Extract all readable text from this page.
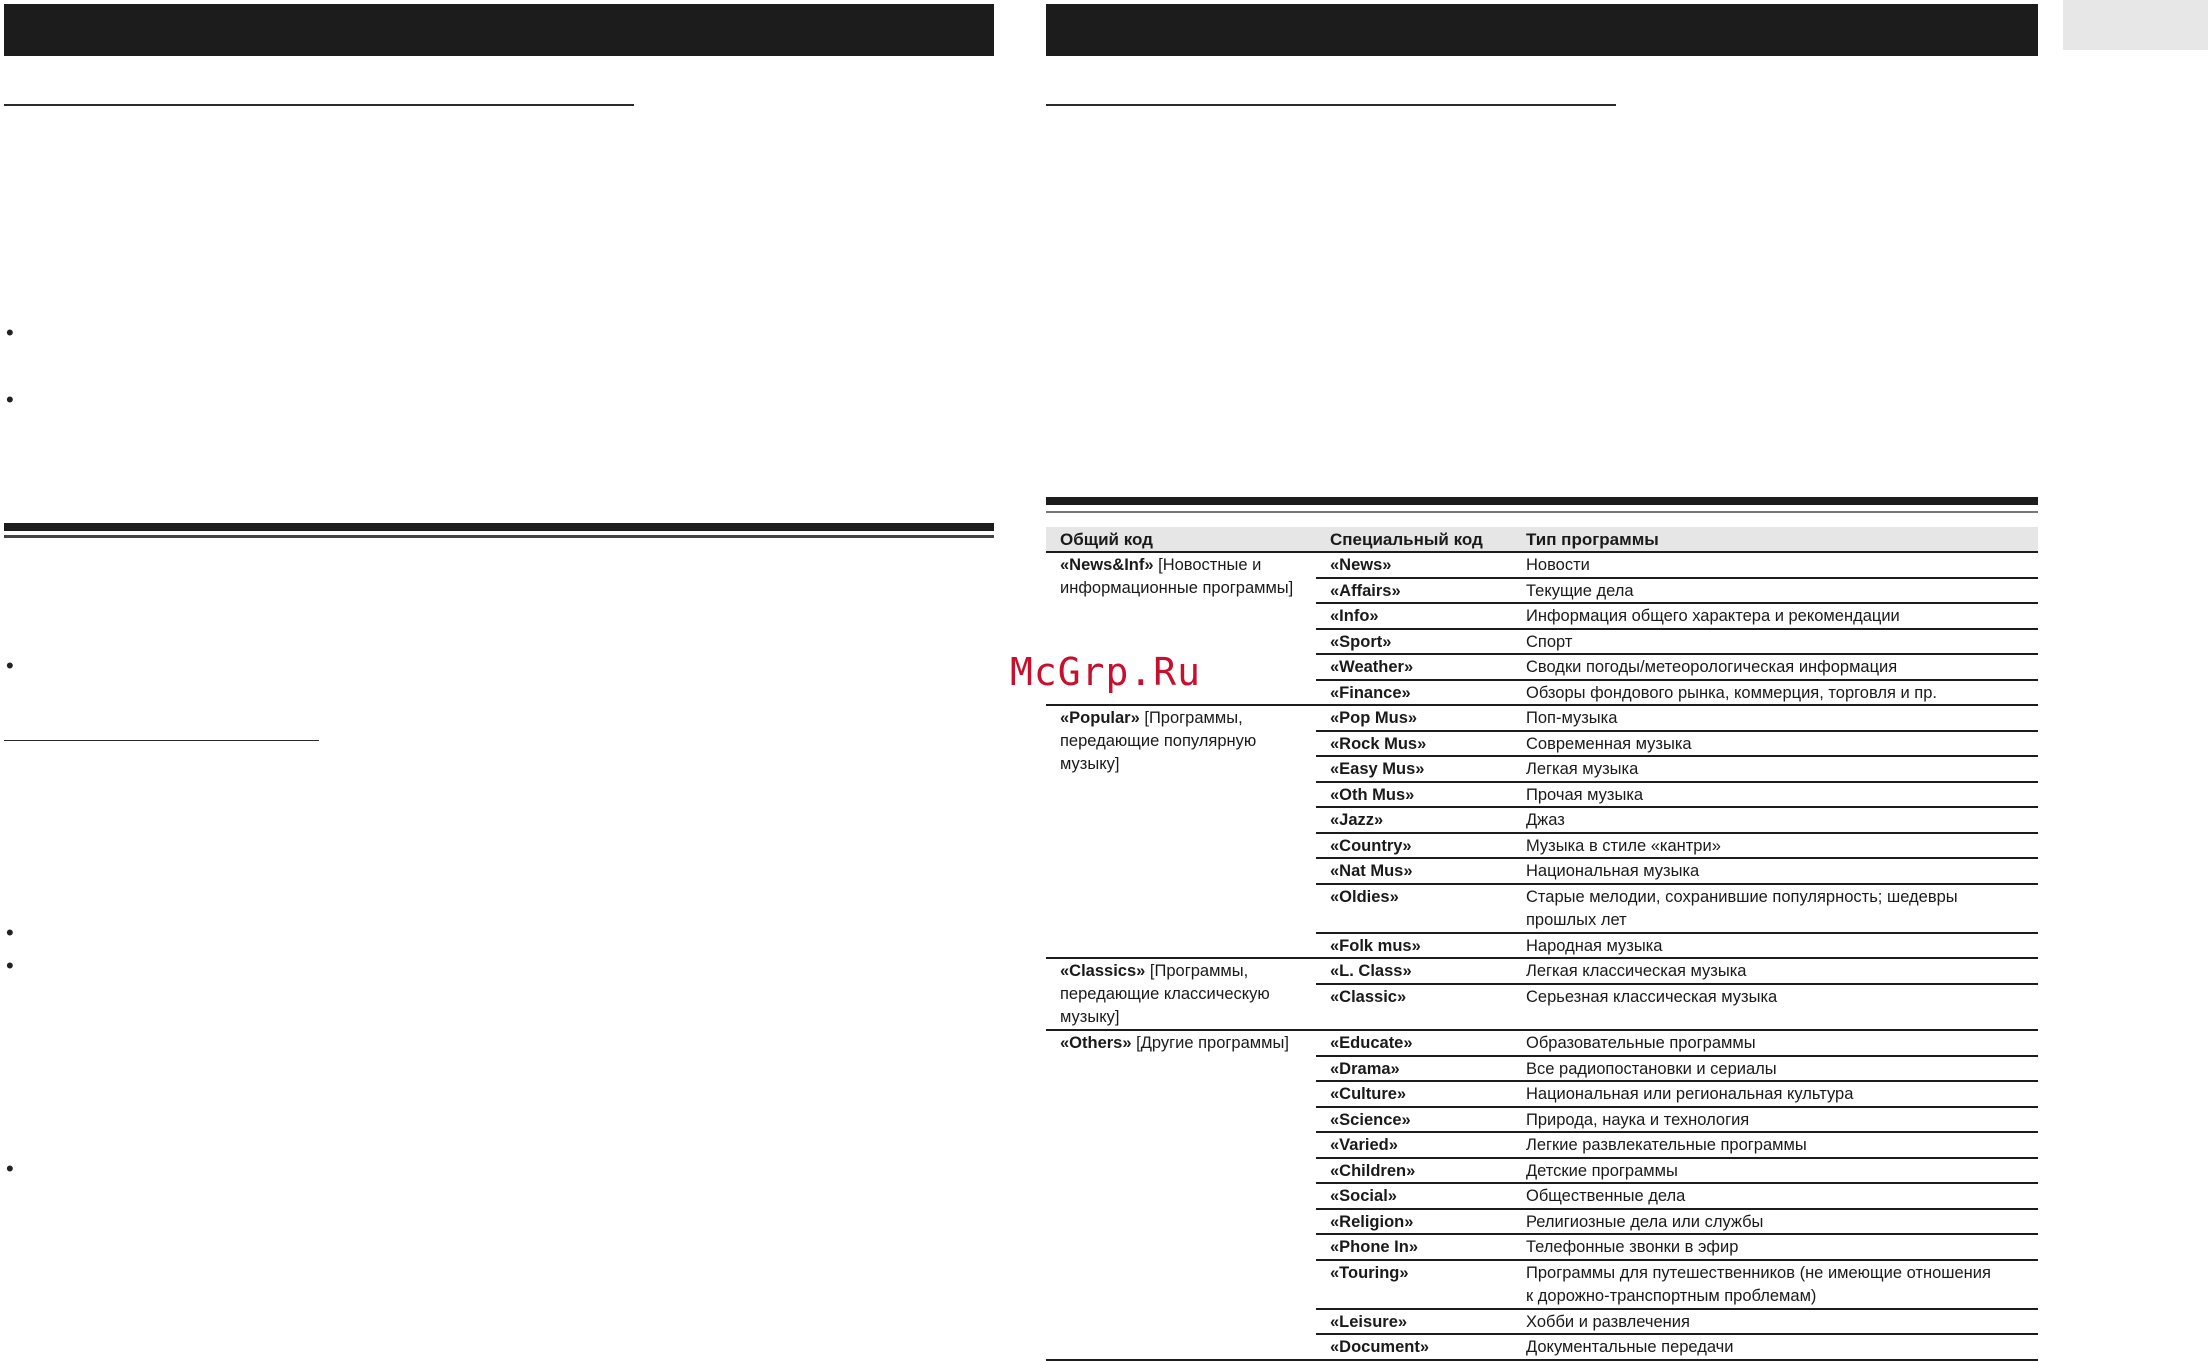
•
•
•
•
•
•
McGrp.Ru
Общий код	Специальный код	Тип программы
«News&Inf» [Новостные и информационные программы]
«News»	Новости
«Affairs»	Текущие дела
«Info»	Информация общего характера и рекомендации
«Sport»	Спорт
«Weather»	Сводки погоды/метеорологическая информация
«Finance»	Обзоры фондового рынка, коммерция, торговля и пр.
«Popular» [Программы, передающие популярную музыку]
«Pop Mus»	Поп-музыка
«Rock Mus»	Современная музыка
«Easy Mus»	Легкая музыка
«Oth Mus»	Прочая музыка
«Jazz»	Джаз
«Country»	Музыка в стиле «кантри»
«Nat Mus»	Национальная музыка
«Oldies»	Старые мелодии, сохранившие популярность; шедевры прошлых лет
«Folk mus»	Народная музыка
«Classics» [Программы, передающие классическую музыку]
«L. Class»	Легкая классическая музыка
«Classic»	Серьезная классическая музыка
«Others» [Другие программы]	«Educate»	Образовательные программы
«Drama»	Все радиопостановки и сериалы
«Culture»	Национальная или региональная культура
«Science»	Природа, наука и технология
«Varied»	Легкие развлекательные программы
«Children»	Детские программы
«Social»	Общественные дела
«Religion»	Религиозные дела или службы
«Phone In»	Телефонные звонки в эфир
«Touring»	Программы для путешественников (не имеющие отношения к дорожно-транспортным проблемам)
«Leisure»	Хобби и развлечения
«Document»	Документальные передачи
